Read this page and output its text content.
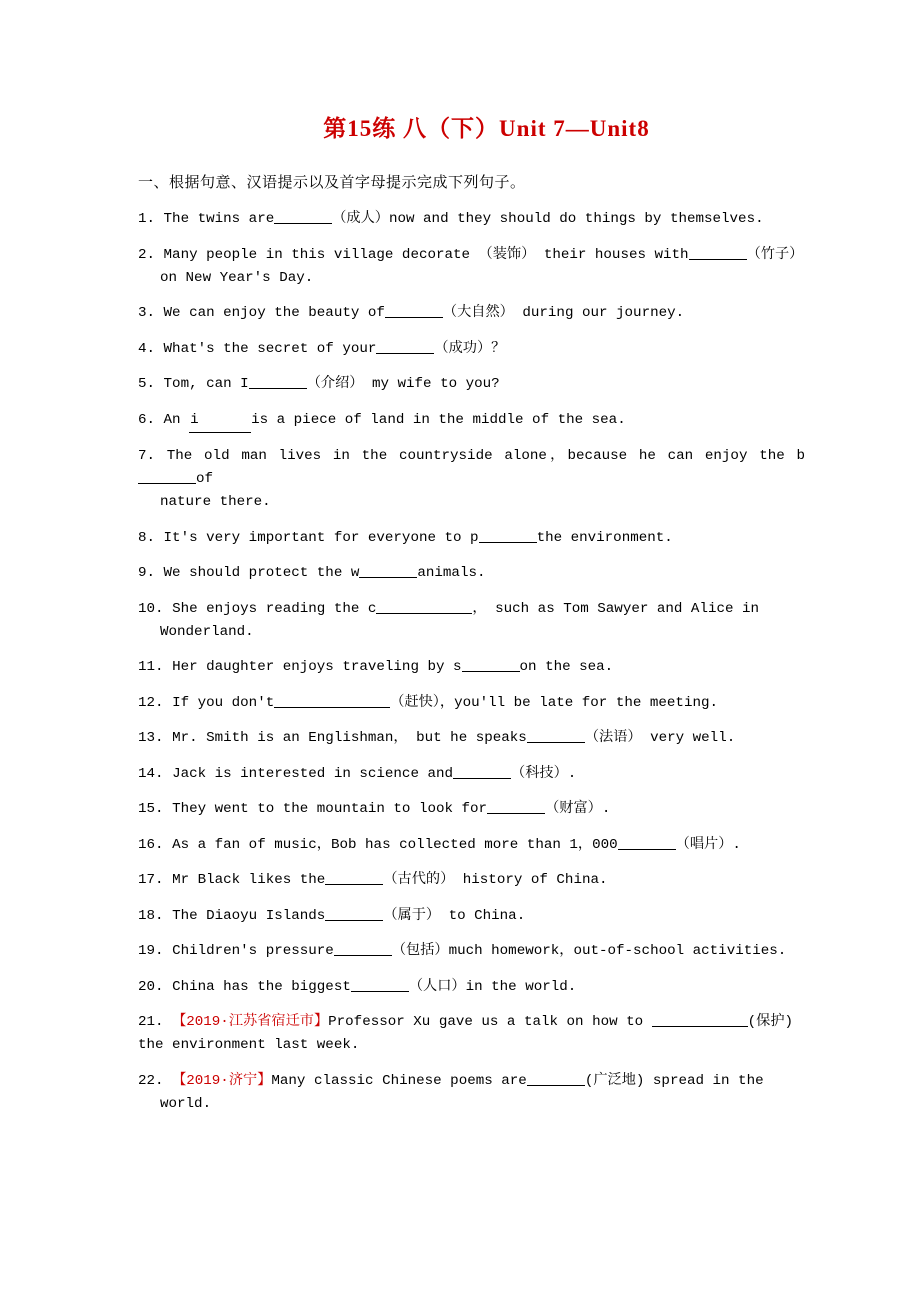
第15练 八（下）Unit 7—Unit8
一、根据句意、汉语提示以及首字母提示完成下列句子。
1. The twins are	（成人）now and they should do things by themselves.
2. Many people in this village decorate （装饰） their houses with	（竹子）
on New Year's Day.
3. We can enjoy the beauty of	（大自然） during our journey.
4. What's the secret of your	（成功）？
5. Tom, can I	（介绍） my wife to you?
6. An i	is a piece of land in the middle of the sea.
7. The old man lives in the countryside alone，because he can enjoy the bof
nature there.
8. It's very important for everyone to p	the environment.
9. We should protect the w	animals.
10. She enjoys reading the c	， such as Tom Sawyer and Alice in
Wonderland.
11. Her daughter enjoys traveling by s	on the sea.
12. If you don't	（赶快），you'll be late for the meeting.
13. Mr. Smith is an Englishman， but he speaks	（法语） very well.
14. Jack is interested in science and	（科技）.
15. They went to the mountain to look for	（财富）.
16. As a fan of music，Bob has collected more than 1，000	（唱片）.
17. Mr Black likes the	（古代的） history of China.
18. The Diaoyu Islands	（属于） to China.
19. Children's pressure	（包括）much homework，out-of-school activities.
20. China has the biggest	（人口）in the world.
21. 【2019·江苏省宿迁市】Professor Xu gave us a talk on how to	(保护)
the environment last week.
22. 【2019·济宁】Many classic Chinese poems are	(广泛地) spread in the
world.
